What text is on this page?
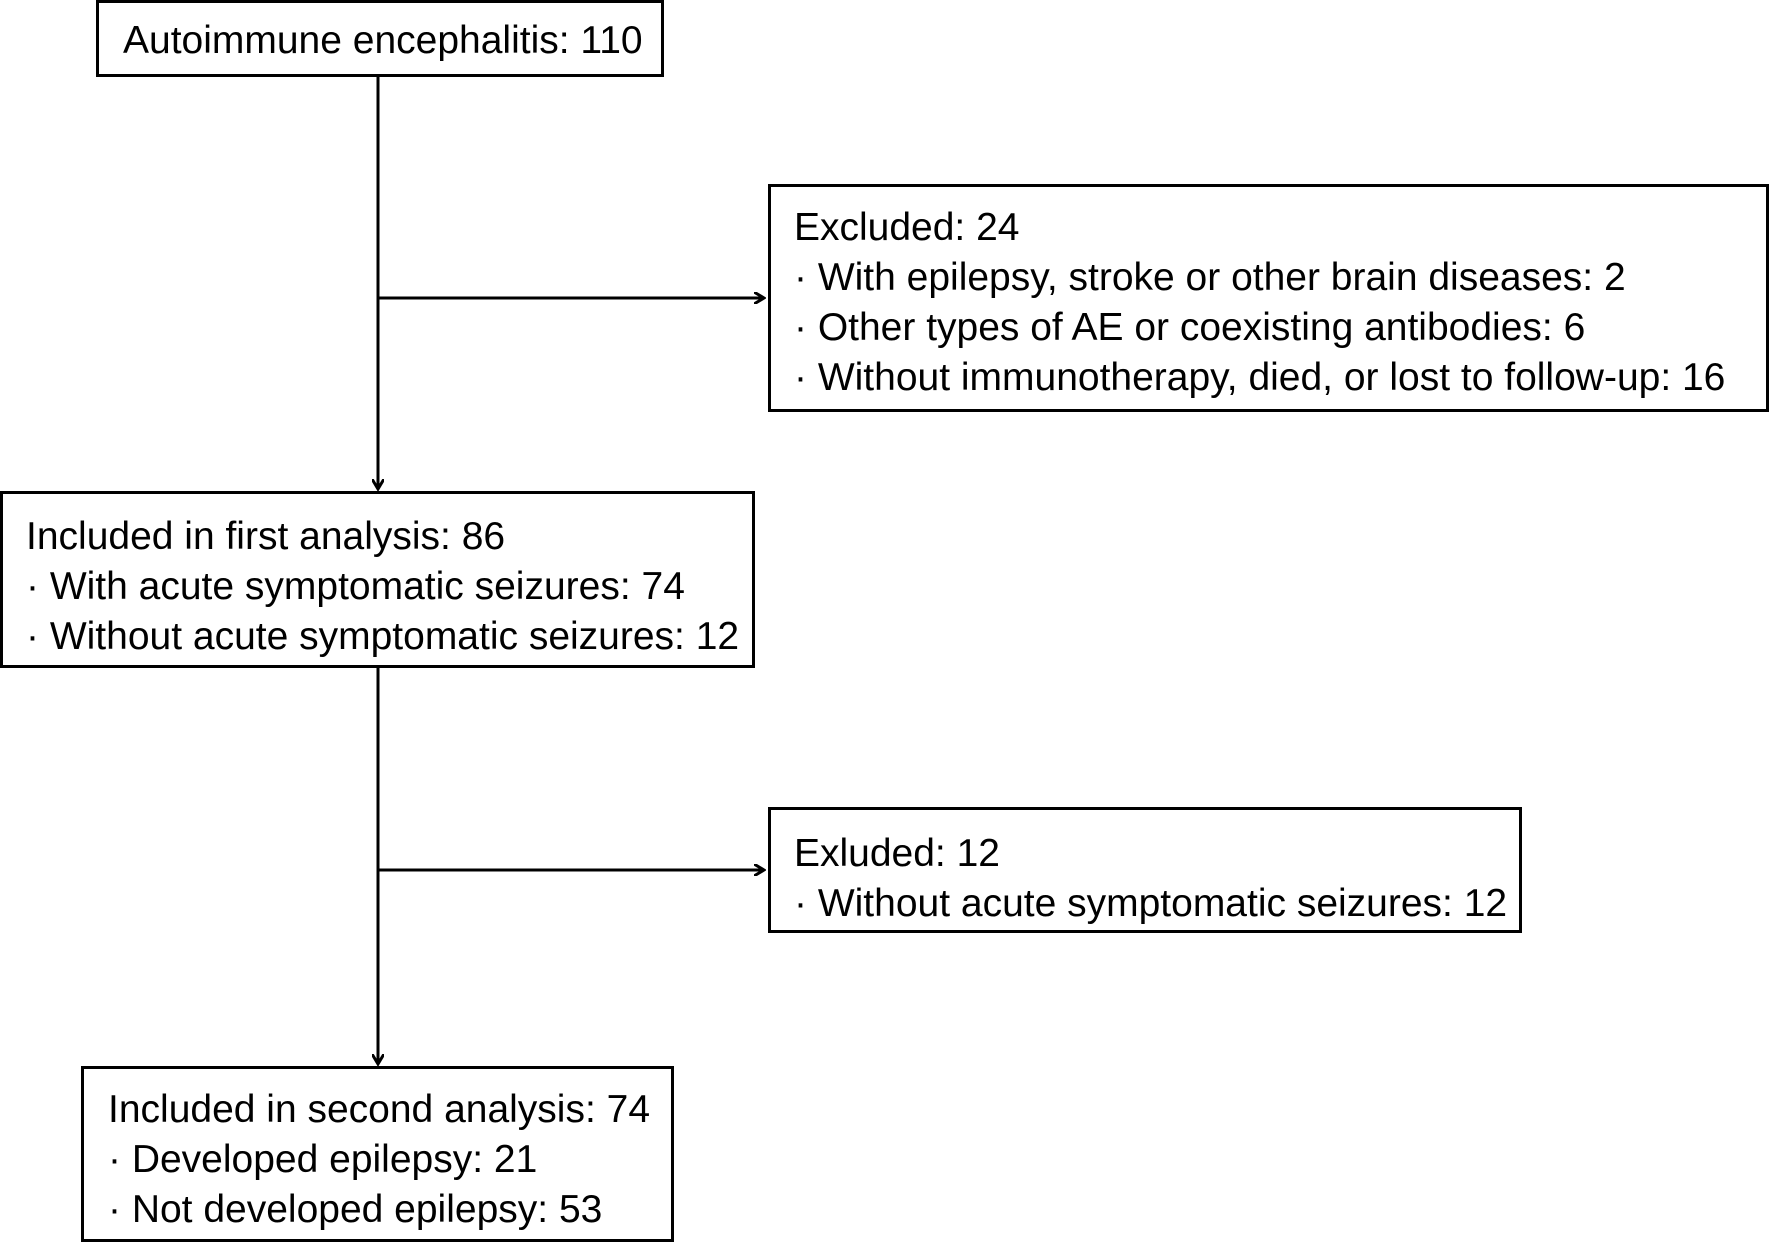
Autoimmune encephalitis: 110
Excluded: 24
· With epilepsy, stroke or other brain diseases: 2
· Other types of AE or coexisting antibodies: 6
· Without immunotherapy, died, or lost to follow-up: 16
Included in first analysis: 86
· With acute symptomatic seizures: 74
· Without acute symptomatic seizures: 12
Exluded: 12
· Without acute symptomatic seizures: 12
Included in second analysis: 74
· Developed epilepsy: 21
· Not developed epilepsy: 53
